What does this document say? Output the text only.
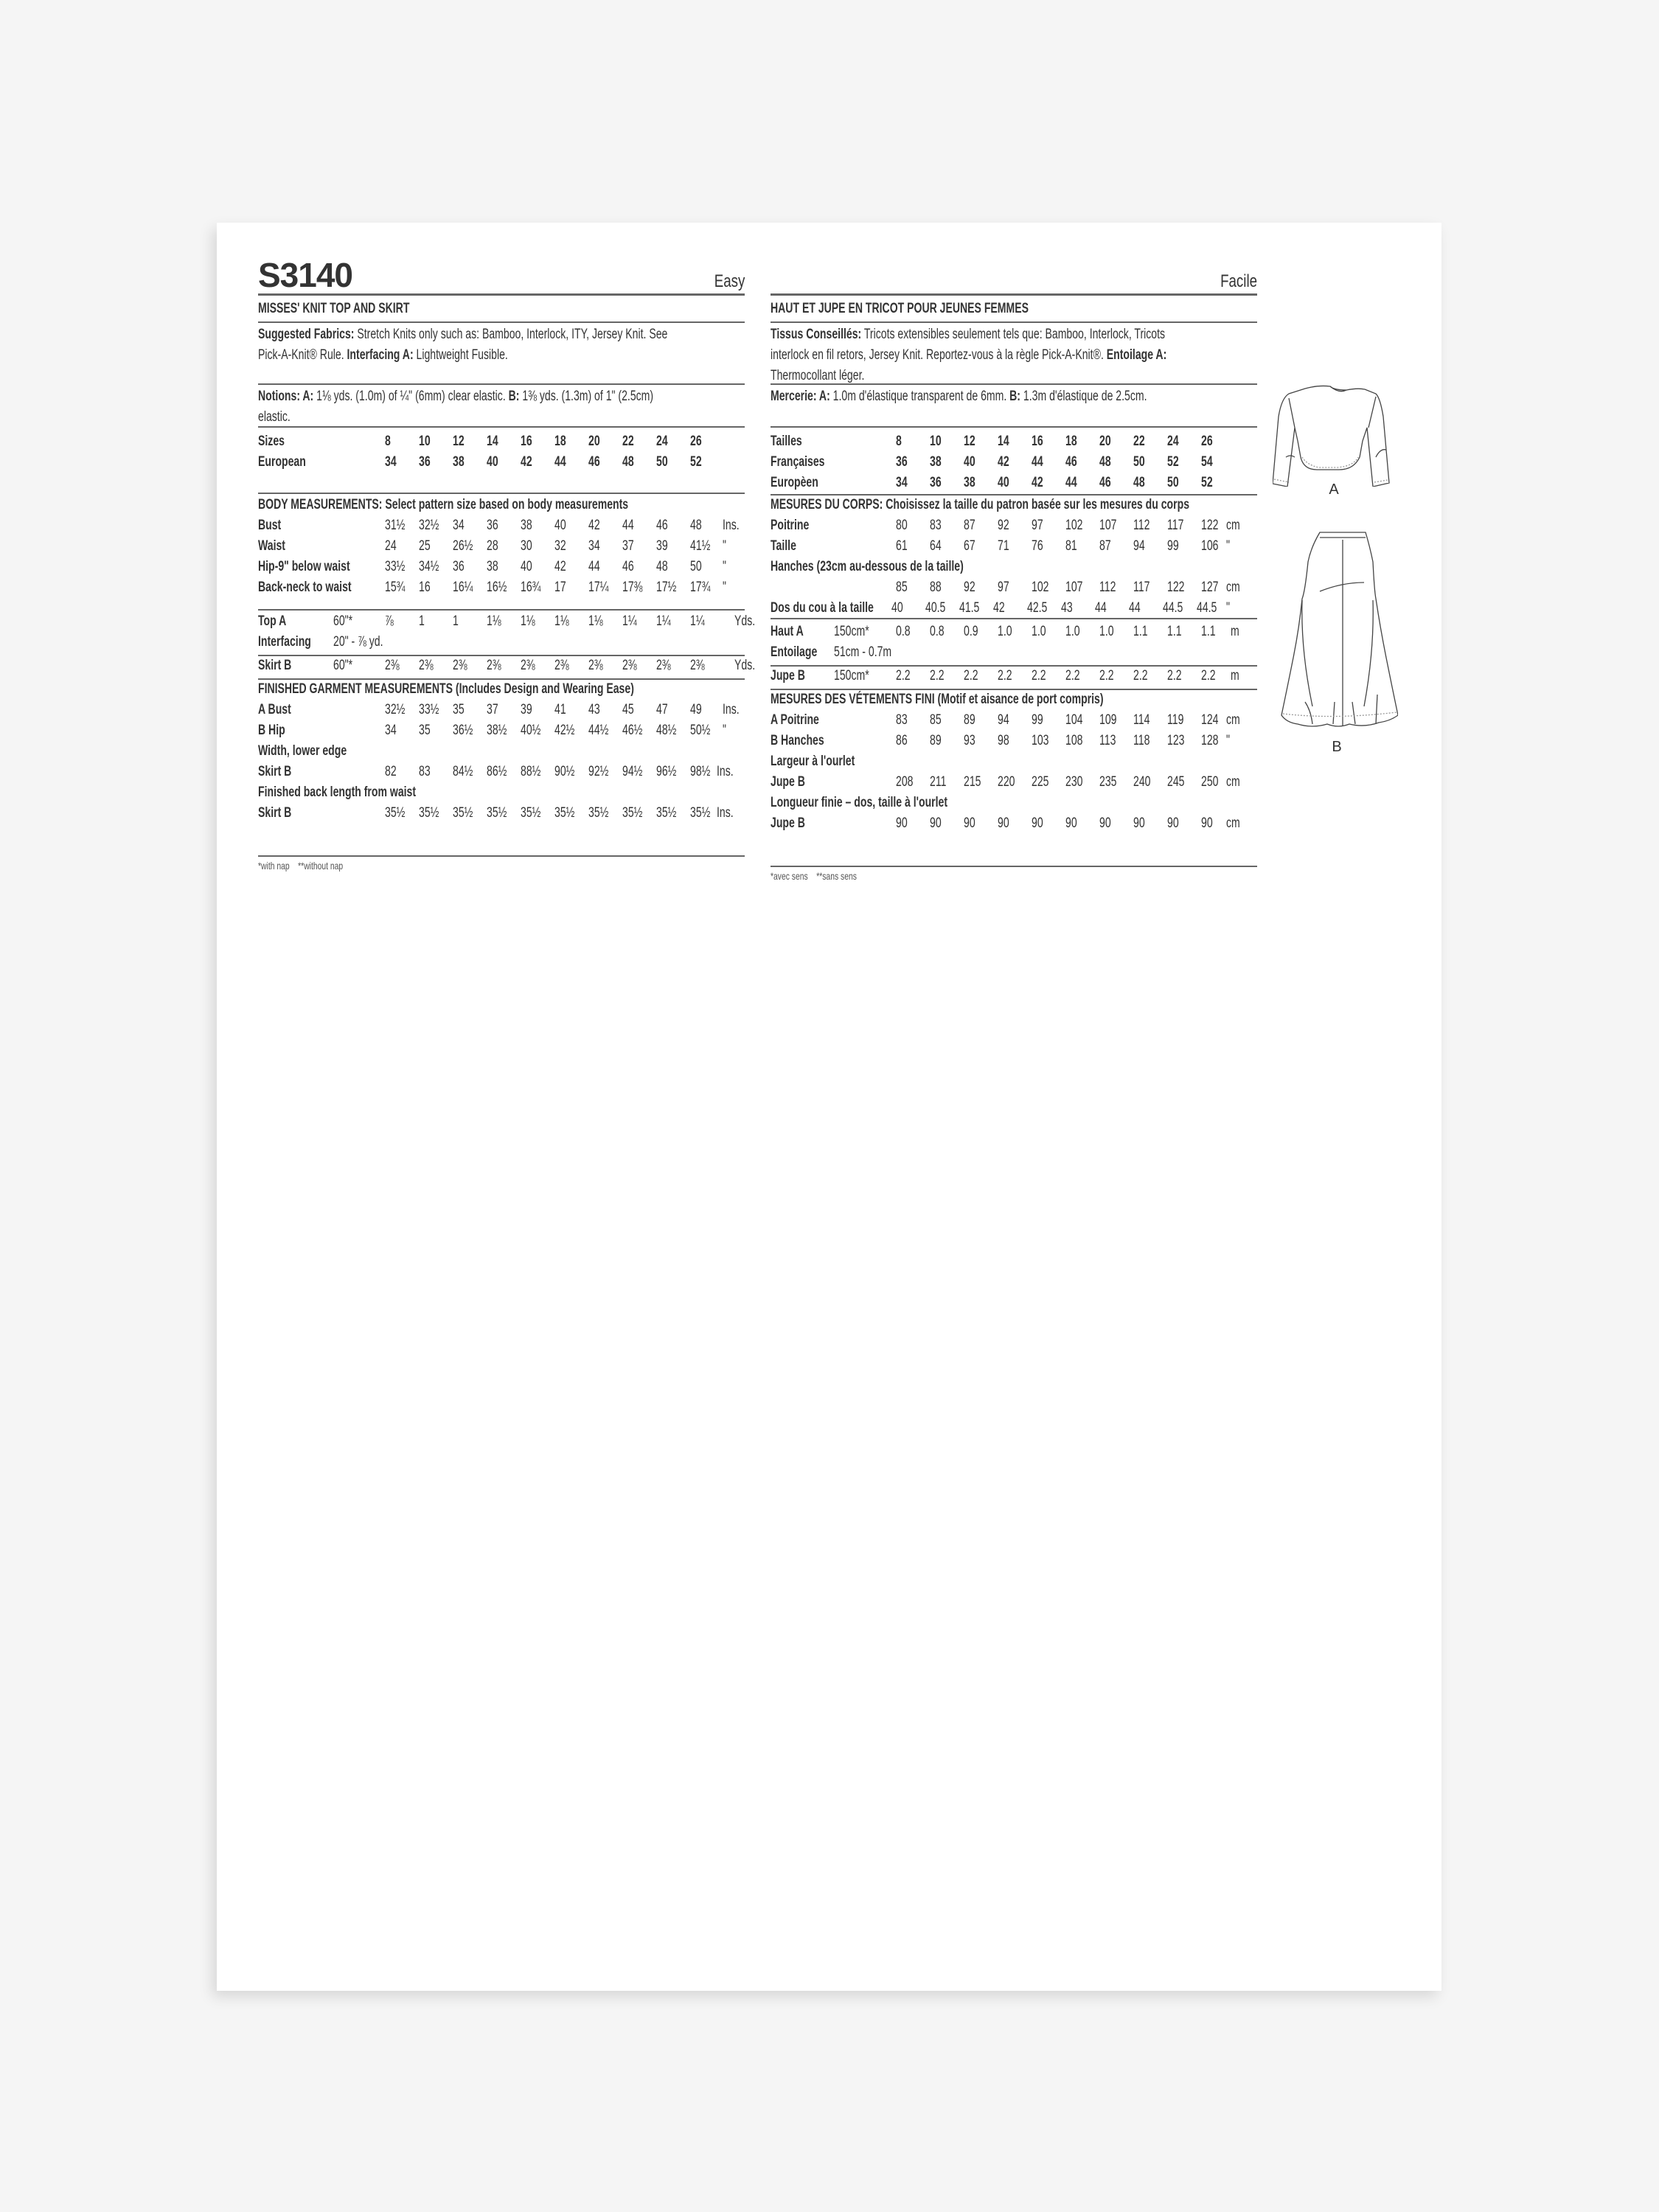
S3140	Easy
MISSES' KNIT TOP AND SKIRT
Suggested Fabrics: Stretch Knits only such as: Bamboo, Interlock, ITY, Jersey Knit. See
Pick-A-Knit® Rule. Interfacing A: Lightweight Fusible.
Notions: A: 1⅛ yds. (1.0m) of ¼" (6mm) clear elastic. B: 1⅜ yds. (1.3m) of 1" (2.5cm)
elastic.
Sizes	8 10 12 14 16 18 20 22 24 26
European	34 36 38 40 42 44 46 48 50 52
BODY MEASUREMENTS: Select pattern size based on body measurements
Bust	31½ 32½ 34 36 38 40 42 44 46 48 Ins.
Waist	24 25 26½ 28 30 32 34 37 39 41½ "
Hip-9" below waist 33½ 34½ 36 38 40 42 44 46 48 50 "
Back-neck to waist 15¾ 16 16¼ 16½ 16¾ 17 17¼ 17⅜ 17½ 17¾ "
Top A	60"* ⅞ 1 1 1⅛ 1⅛ 1⅛ 1⅛ 1¼ 1¼ 1¼ Yds.
Interfacing 20" - ⅞ yd.
Skirt B	60"* 2⅜ 2⅜ 2⅜ 2⅜ 2⅜ 2⅜ 2⅜ 2⅜ 2⅜ 2⅜ Yds.
FINISHED GARMENT MEASUREMENTS (Includes Design and Wearing Ease)
A Bust	32½ 33½ 35 37 39 41 43 45 47 49 Ins.
B Hip	34 35 36½ 38½ 40½ 42½ 44½ 46½ 48½ 50½ "
Width, lower edge
Skirt B	82 83 84½ 86½ 88½ 90½ 92½ 94½ 96½ 98½ Ins.
Finished back length from waist
Skirt B	35½ 35½ 35½ 35½ 35½ 35½ 35½ 35½ 35½ 35½ Ins.
*with nap    **without nap
Facile
HAUT ET JUPE EN TRICOT POUR JEUNES FEMMES
Tissus Conseillés: Tricots extensibles seulement tels que: Bamboo, Interlock, Tricots
interlock en fil retors, Jersey Knit. Reportez-vous à la règle Pick-A-Knit®. Entoilage A:
Thermocollant léger.
Mercerie: A: 1.0m d'élastique transparent de 6mm. B: 1.3m d'élastique de 2.5cm.
Tailles	8 10 12 14 16 18 20 22 24 26
Françaises	36 38 40 42 44 46 48 50 52 54
Europèen	34 36 38 40 42 44 46 48 50 52
MESURES DU CORPS: Choisissez la taille du patron basée sur les mesures du corps
Poitrine	80 83 87 92 97 102 107 112 117 122 cm
Taille	61 64 67 71 76 81 87 94 99 106 "
Hanches (23cm au-dessous de la taille)
85 88 92 97 102 107 112 117 122 127 cm
Dos du cou à la taille 40 40.5 41.5 42 42.5 43 44 44 44.5 44.5 "
Haut A 150cm* 0.8 0.8 0.9 1.0 1.0 1.0 1.0 1.1 1.1 1.1 m
Entoilage 51cm - 0.7m
Jupe B 150cm* 2.2 2.2 2.2 2.2 2.2 2.2 2.2 2.2 2.2 2.2 m
MESURES DES VÉTEMENTS FINI (Motif et aisance de port compris)
A Poitrine	83 85 89 94 99 104 109 114 119 124 cm
B Hanches	86 89 93 98 103 108 113 118 123 128 "
Largeur à l'ourlet
Jupe B	208 211 215 220 225 230 235 240 245 250 cm
Longueur finie – dos, taille à l'ourlet
Jupe B	90 90 90 90 90 90 90 90 90 90 cm
*avec sens    **sans sens
A
B
